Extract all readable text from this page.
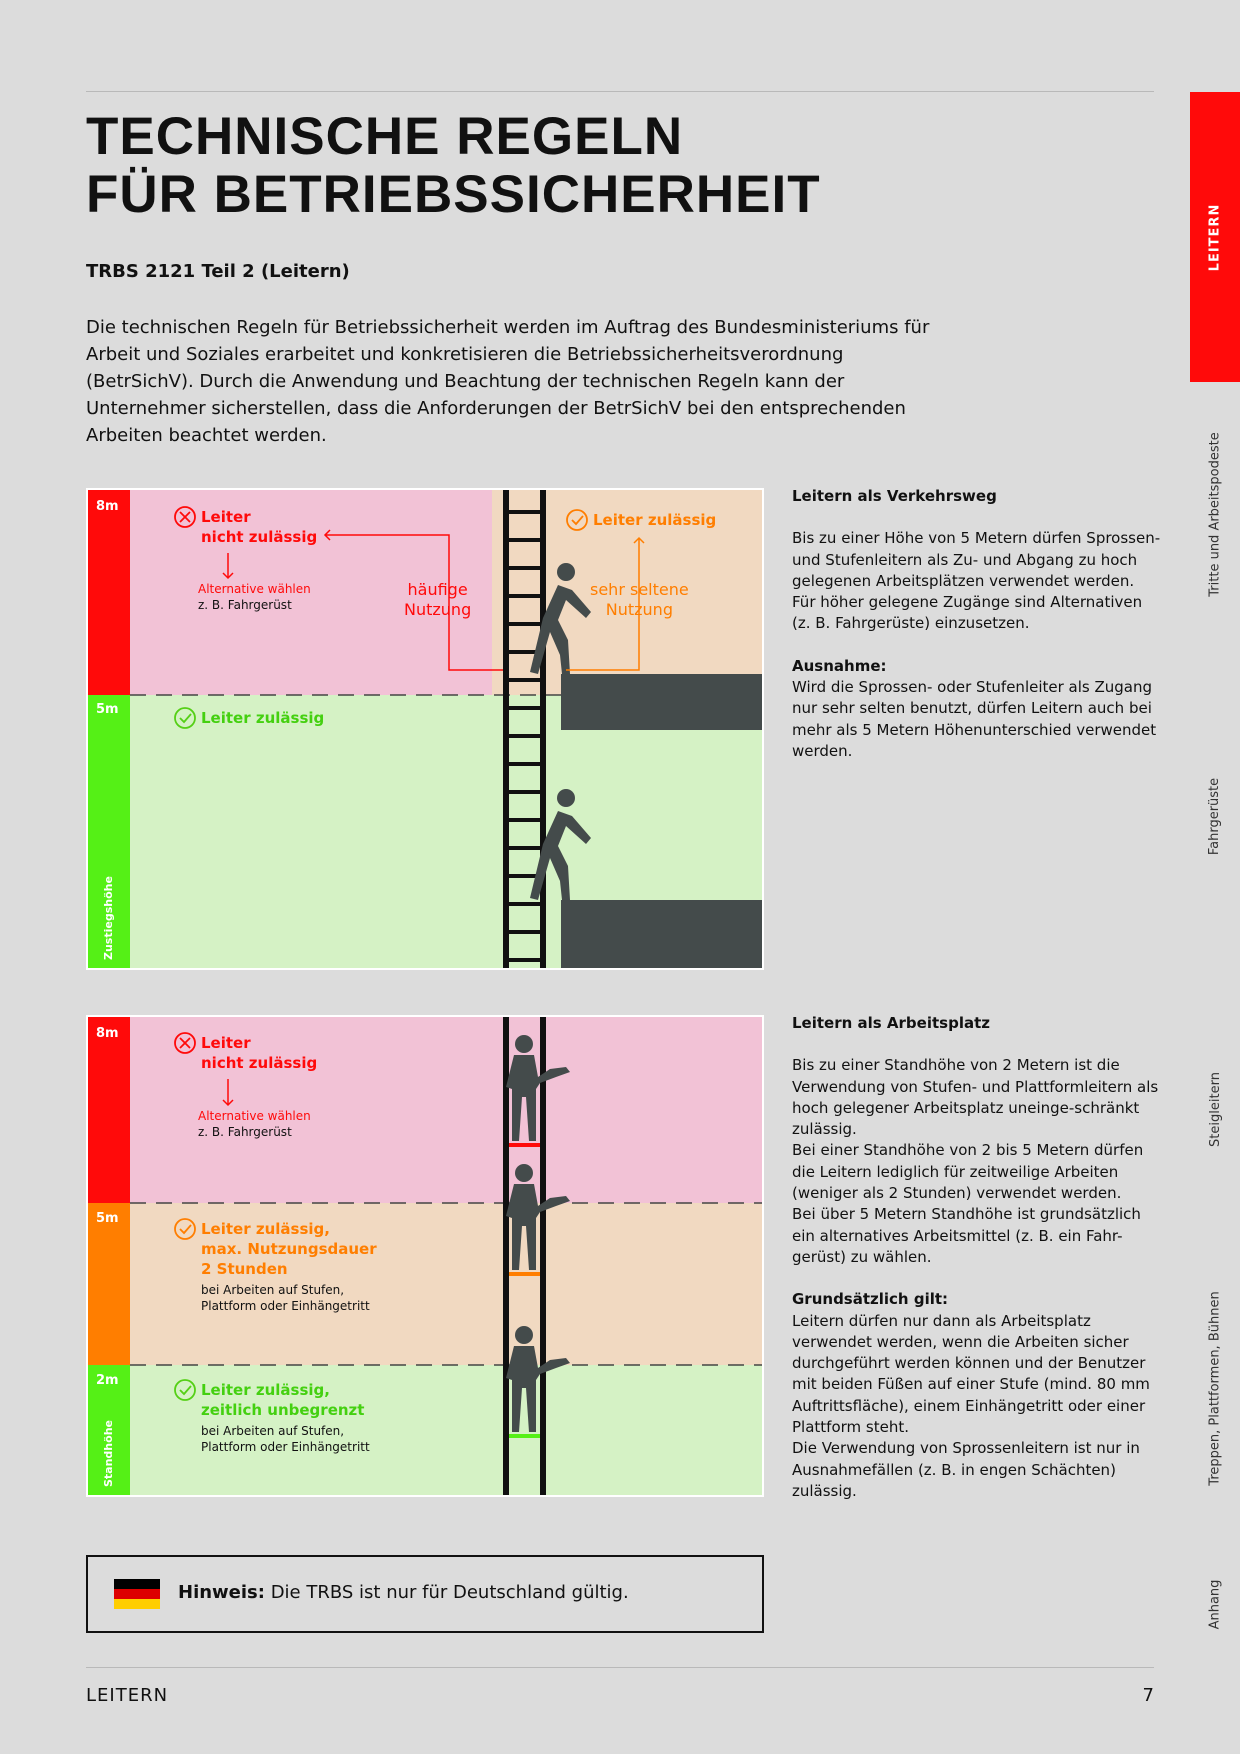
TECHNISCHE REGELN
FÜR BETRIEBSSICHERHEIT
TRBS 2121 Teil 2 (Leitern)

Die technischen Regeln für Betriebssicherheit werden im Auftrag des Bundesministeriums für Arbeit und Soziales erarbeitet und konkretisieren die Betriebssicherheitsverordnung (BetrSichV). Durch die Anwendung und Beachtung der technischen Regeln kann der Unternehmer sicherstellen, dass die Anforderungen der BetrSichV bei den entsprechenden Arbeiten beachtet werden.

8m
5m
Zustiegshöhe
Leiter
nicht zulässig
Alternative wählen
z. B. Fahrgerüst
häufige
Nutzung
sehr seltene
Nutzung
Leiter zulässig
Leiter zulässig

Leitern als Verkehrsweg

Bis zu einer Höhe von 5 Metern dürfen Sprossen- und Stufenleitern als Zu- und Abgang zu hoch gelegenen Arbeitsplätzen verwendet werden.

Für höher gelegene Zugänge sind Alternativen (z. B. Fahrgerüste) einzusetzen.

Ausnahme:

Wird die Sprossen- oder Stufenleiter als Zugang nur sehr selten benutzt, dürfen Leitern auch bei mehr als 5 Metern Höhenunterschied verwendet werden.

8m
5m
2m
Standhöhe
Leiter
nicht zulässig
Alternative wählen
z. B. Fahrgerüst
Leiter zulässig,
max. Nutzungsdauer
2 Stunden
bei Arbeiten auf Stufen,
Plattform oder Einhängetritt
Leiter zulässig,
zeitlich unbegrenzt
bei Arbeiten auf Stufen,
Plattform oder Einhängetritt

Leitern als Arbeitsplatz

Bis zu einer Standhöhe von 2 Metern ist die Verwendung von Stufen- und Plattformleitern als hoch gelegener Arbeitsplatz uneinge-schränkt zulässig.

Bei einer Standhöhe von 2 bis 5 Metern dürfen die Leitern lediglich für zeitweilige Arbeiten (weniger als 2 Stunden) verwendet werden.

Bei über 5 Metern Standhöhe ist grundsätzlich ein alternatives Arbeitsmittel (z. B. ein Fahr-gerüst) zu wählen.

Grundsätzlich gilt:

Leitern dürfen nur dann als Arbeitsplatz verwendet werden, wenn die Arbeiten sicher durchgeführt werden können und der Benutzer mit beiden Füßen auf einer Stufe (mind. 80 mm Auftrittsfläche), einem Einhängetritt oder einer Plattform steht.

Die Verwendung von Sprossenleitern ist nur in Ausnahmefällen (z. B. in engen Schächten) zulässig.

Hinweis: Die TRBS ist nur für Deutschland gültig.
LEITERN	7
LEITERN
Tritte und Arbeitspodeste
Fahrgerüste
Steigleitern
Treppen, Plattformen, Bühnen
Anhang
